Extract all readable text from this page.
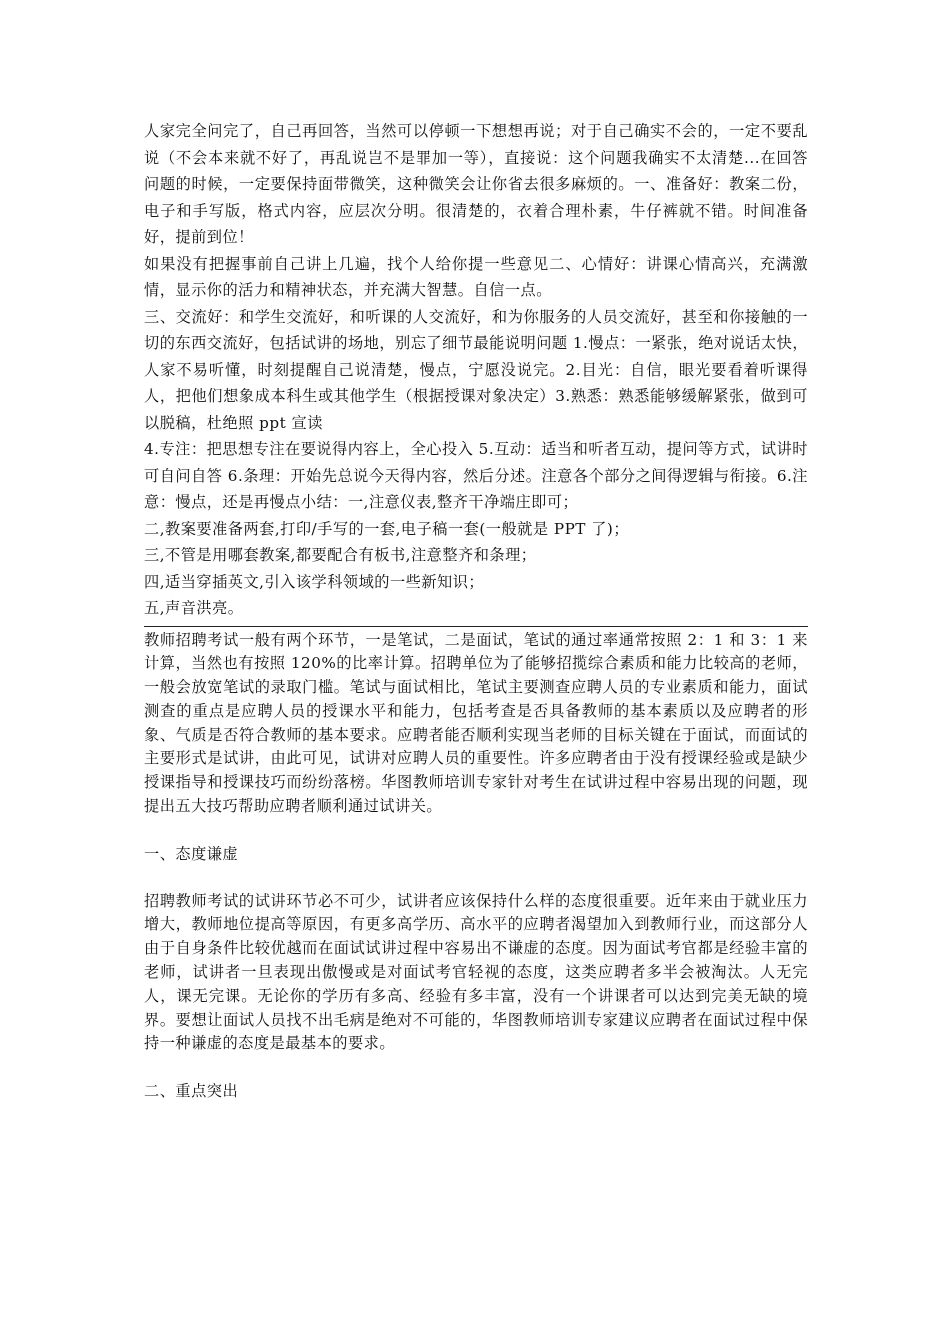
人家完全问完了，自己再回答，当然可以停顿一下想想再说；对于自己确实不会的，一定不要乱说（不会本来就不好了，再乱说岂不是罪加一等），直接说：这个问题我确实不太清楚...在回答问题的时候，一定要保持面带微笑，这种微笑会让你省去很多麻烦的。一、准备好：教案二份，电子和手写版，格式内容，应层次分明。很清楚的，衣着合理朴素，牛仔裤就不错。时间准备好，提前到位！

如果没有把握事前自己讲上几遍，找个人给你提一些意见二、心情好：讲课心情高兴，充满激情，显示你的活力和精神状态，并充满大智慧。自信一点。

三、交流好：和学生交流好，和听课的人交流好，和为你服务的人员交流好，甚至和你接触的一切的东西交流好，包括试讲的场地，别忘了细节最能说明问题 1.慢点：一紧张，绝对说话太快，人家不易听懂，时刻提醒自己说清楚，慢点，宁愿没说完。2.目光：自信，眼光要看着听课得人，把他们想象成本科生或其他学生（根据授课对象决定）3.熟悉：熟悉能够缓解紧张，做到可以脱稿，杜绝照 ppt 宣读

4.专注：把思想专注在要说得内容上，全心投入 5.互动：适当和听者互动，提问等方式，试讲时可自问自答 6.条理：开始先总说今天得内容，然后分述。注意各个部分之间得逻辑与衔接。6.注意：慢点，还是再慢点小结：一,注意仪表,整齐干净端庄即可；

二,教案要准备两套,打印/手写的一套,电子稿一套(一般就是 PPT 了)；

三,不管是用哪套教案,都要配合有板书,注意整齐和条理；

四,适当穿插英文,引入该学科领域的一些新知识；

五,声音洪亮。

教师招聘考试一般有两个环节，一是笔试，二是面试，笔试的通过率通常按照 2：1 和 3：1 来计算，当然也有按照 120%的比率计算。招聘单位为了能够招揽综合素质和能力比较高的老师，一般会放宽笔试的录取门槛。笔试与面试相比，笔试主要测查应聘人员的专业素质和能力，面试测查的重点是应聘人员的授课水平和能力，包括考查是否具备教师的基本素质以及应聘者的形象、气质是否符合教师的基本要求。应聘者能否顺利实现当老师的目标关键在于面试，而面试的主要形式是试讲，由此可见，试讲对应聘人员的重要性。许多应聘者由于没有授课经验或是缺少授课指导和授课技巧而纷纷落榜。华图教师培训专家针对考生在试讲过程中容易出现的问题，现提出五大技巧帮助应聘者顺利通过试讲关。

一、态度谦虚

招聘教师考试的试讲环节必不可少，试讲者应该保持什么样的态度很重要。近年来由于就业压力增大，教师地位提高等原因，有更多高学历、高水平的应聘者渴望加入到教师行业，而这部分人由于自身条件比较优越而在面试试讲过程中容易出不谦虚的态度。因为面试考官都是经验丰富的老师，试讲者一旦表现出傲慢或是对面试考官轻视的态度，这类应聘者多半会被淘汰。人无完人，课无完课。无论你的学历有多高、经验有多丰富，没有一个讲课者可以达到完美无缺的境界。要想让面试人员找不出毛病是绝对不可能的，华图教师培训专家建议应聘者在面试过程中保持一种谦虚的态度是最基本的要求。

二、重点突出
